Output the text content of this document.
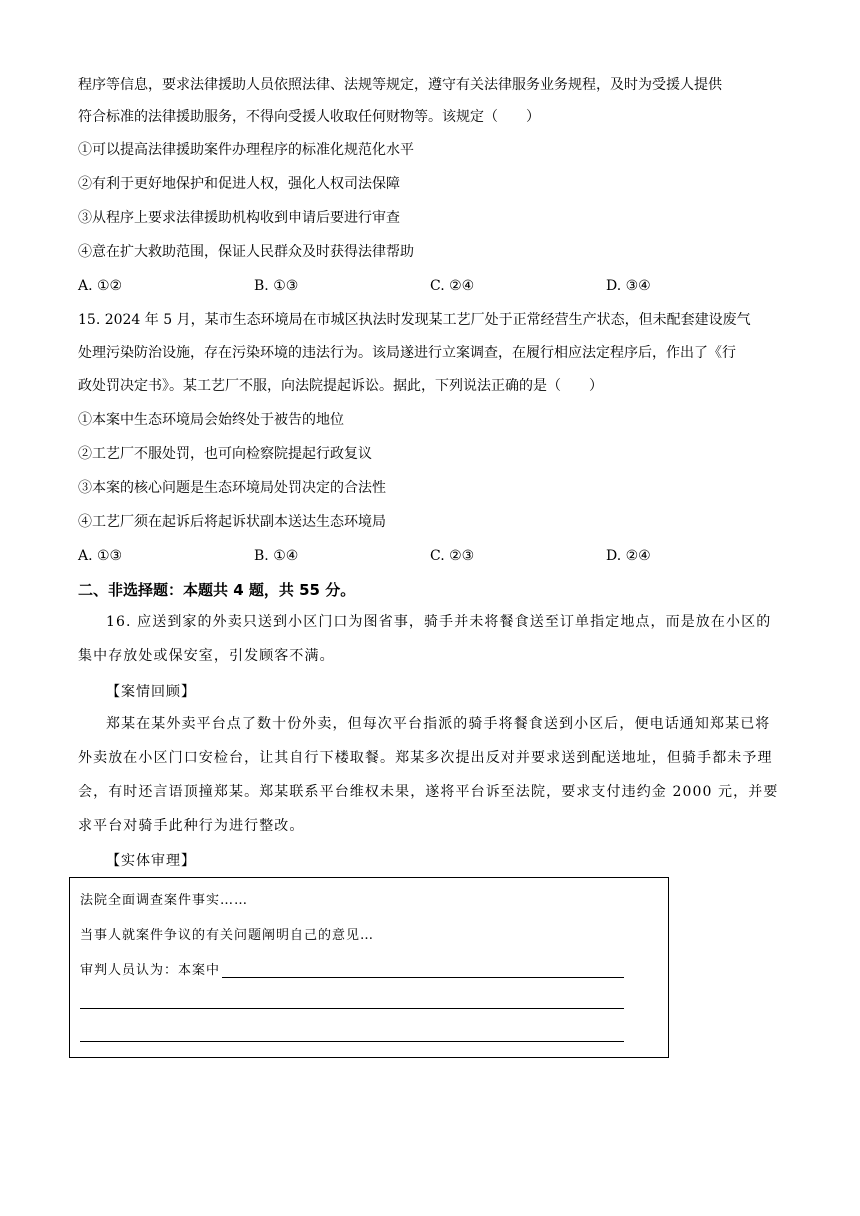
程序等信息，要求法律援助人员依照法律、法规等规定，遵守有关法律服务业务规程，及时为受援人提供
符合标准的法律援助服务，不得向受援人收取任何财物等。该规定（　　）
①可以提高法律援助案件办理程序的标准化规范化水平
②有利于更好地保护和促进人权，强化人权司法保障
③从程序上要求法律援助机构收到申请后要进行审查
④意在扩大救助范围，保证人民群众及时获得法律帮助
A. ①②	B. ①③	C. ②④	D. ③④
15. 2024 年 5 月，某市生态环境局在市城区执法时发现某工艺厂处于正常经营生产状态，但未配套建设废气
处理污染防治设施，存在污染环境的违法行为。该局遂进行立案调查，在履行相应法定程序后，作出了《行
政处罚决定书》。某工艺厂不服，向法院提起诉讼。据此，下列说法正确的是（　　）
①本案中生态环境局会始终处于被告的地位
②工艺厂不服处罚，也可向检察院提起行政复议
③本案的核心问题是生态环境局处罚决定的合法性
④工艺厂须在起诉后将起诉状副本送达生态环境局
A. ①③	B. ①④	C. ②③	D. ②④
二、非选择题：本题共 4 题，共 55 分。
16. 应送到家的外卖只送到小区门口为图省事，骑手并未将餐食送至订单指定地点，而是放在小区的集中存放处或保安室，引发顾客不满。
【案情回顾】
郑某在某外卖平台点了数十份外卖，但每次平台指派的骑手将餐食送到小区后，便电话通知郑某已将外卖放在小区门口安检台，让其自行下楼取餐。郑某多次提出反对并要求送到配送地址，但骑手都未予理会，有时还言语顶撞郑某。郑某联系平台维权未果，遂将平台诉至法院，要求支付违约金 2000 元，并要求平台对骑手此种行为进行整改。
【实体审理】
法院全面调查案件事实……
当事人就案件争议的有关问题阐明自己的意见…
审判人员认为：本案中
